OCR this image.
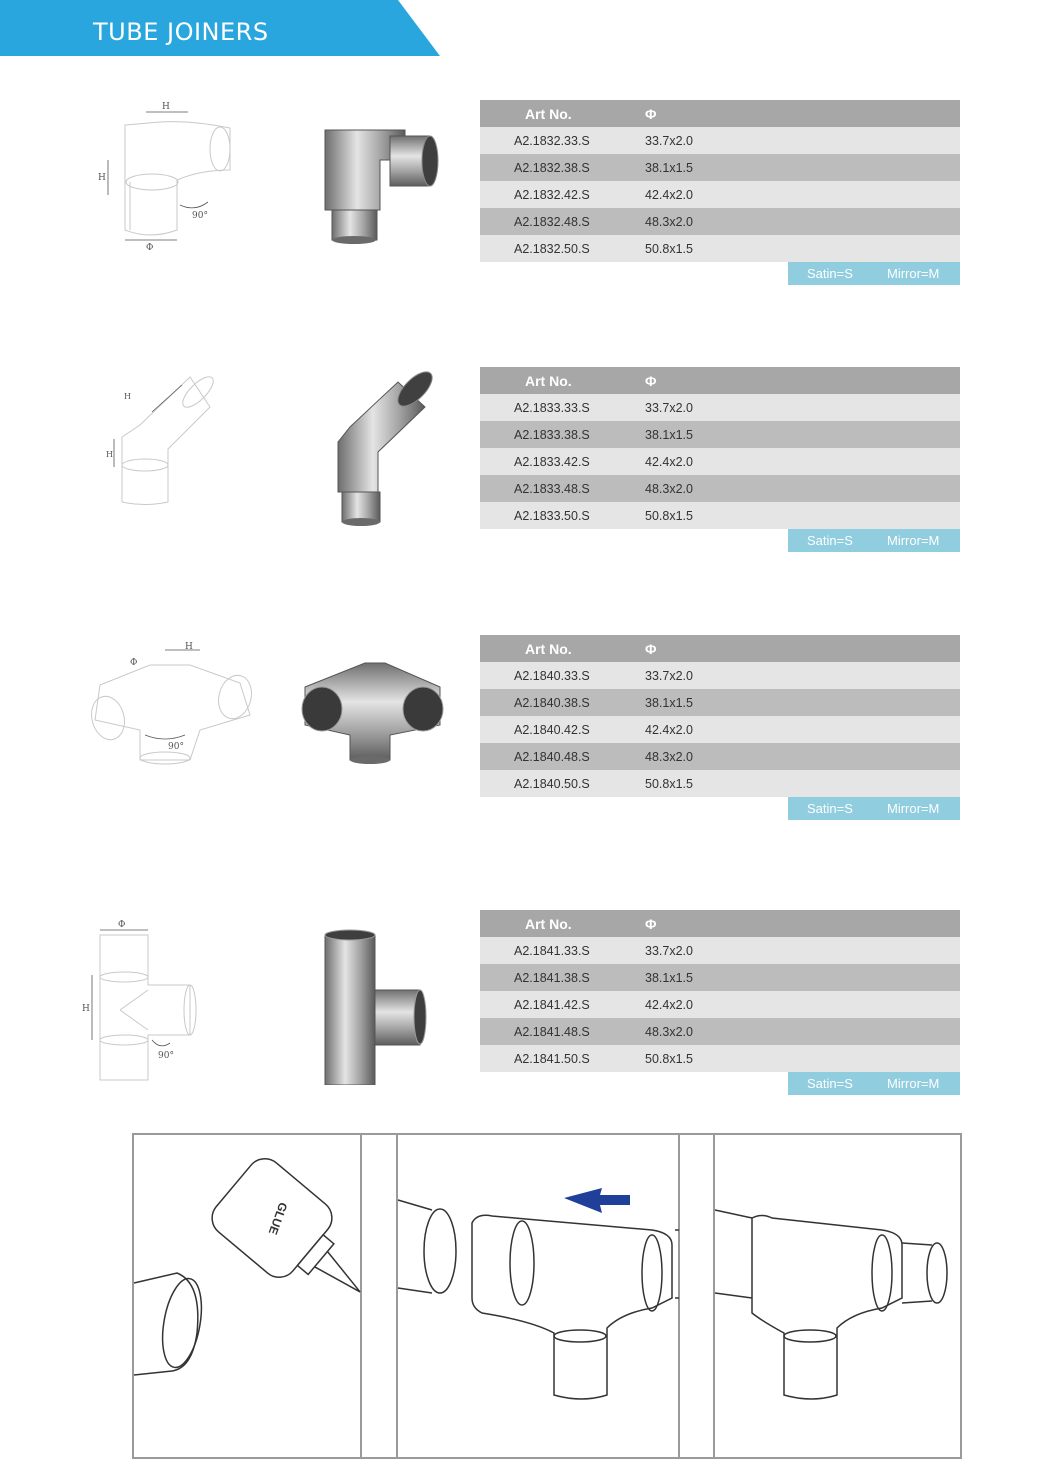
TUBE JOINERS
H
H
Φ
90°
Art No.	Φ
A2.1832.33.S	33.7x2.0
A2.1832.38.S	38.1x1.5
A2.1832.42.S	42.4x2.0
A2.1832.48.S	48.3x2.0
A2.1832.50.S	50.8x1.5
Satin=S	Mirror=M
H
H
Art No.	Φ
A2.1833.33.S	33.7x2.0
A2.1833.38.S	38.1x1.5
A2.1833.42.S	42.4x2.0
A2.1833.48.S	48.3x2.0
A2.1833.50.S	50.8x1.5
Satin=S	Mirror=M
H
Φ
90°
Art No.	Φ
A2.1840.33.S	33.7x2.0
A2.1840.38.S	38.1x1.5
A2.1840.42.S	42.4x2.0
A2.1840.48.S	48.3x2.0
A2.1840.50.S	50.8x1.5
Satin=S	Mirror=M
Φ
H
90°
Art No.	Φ
A2.1841.33.S	33.7x2.0
A2.1841.38.S	38.1x1.5
A2.1841.42.S	42.4x2.0
A2.1841.48.S	48.3x2.0
A2.1841.50.S	50.8x1.5
Satin=S	Mirror=M
GLUE
